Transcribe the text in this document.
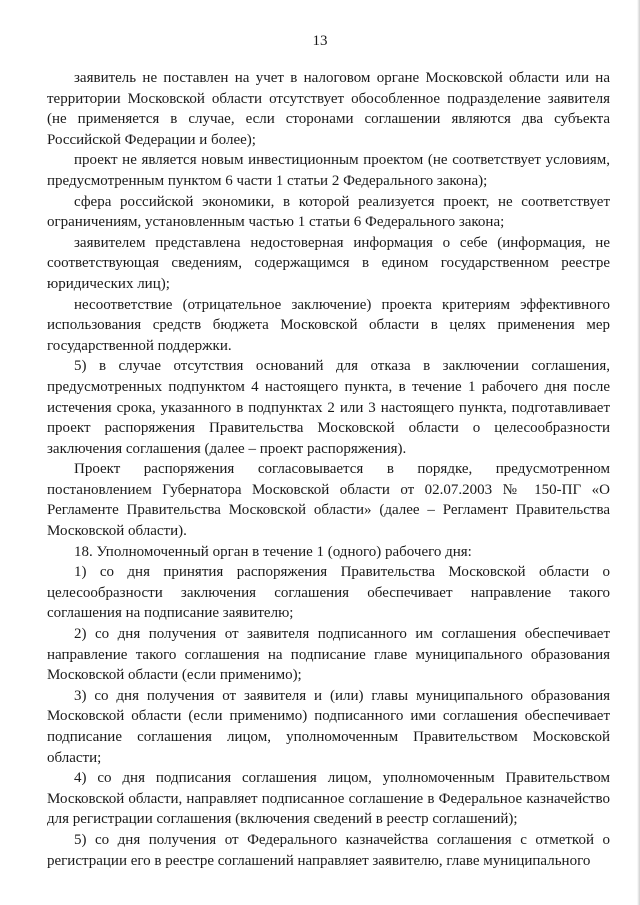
13

заявитель не поставлен на учет в налоговом органе Московской области или на территории Московской области отсутствует обособленное подразделение заявителя (не применяется в случае, если сторонами соглашении являются два субъекта Российской Федерации и более);

проект не является новым инвестиционным проектом (не соответствует условиям, предусмотренным пунктом 6 части 1 статьи 2 Федерального закона);

сфера российской экономики, в которой реализуется проект, не соответствует ограничениям, установленным частью 1 статьи 6 Федерального закона;

заявителем представлена недостоверная информация о себе (информация, не соответствующая сведениям, содержащимся в едином государственном реестре юридических лиц);

несоответствие (отрицательное заключение) проекта критериям эффективного использования средств бюджета Московской области в целях применения мер государственной поддержки.

5) в случае отсутствия оснований для отказа в заключении соглашения, предусмотренных подпунктом 4 настоящего пункта, в течение 1 рабочего дня после истечения срока, указанного в подпунктах 2 или 3 настоящего пункта, подготавливает проект распоряжения Правительства Московской области о целесообразности заключения соглашения (далее – проект распоряжения).

Проект распоряжения согласовывается в порядке, предусмотренном постановлением Губернатора Московской области от 02.07.2003 № 150-ПГ «О Регламенте Правительства Московской области» (далее – Регламент Правительства Московской области).

18. Уполномоченный орган в течение 1 (одного) рабочего дня:

1) со дня принятия распоряжения Правительства Московской области о целесообразности заключения соглашения обеспечивает направление такого соглашения на подписание заявителю;

2) со дня получения от заявителя подписанного им соглашения обеспечивает направление такого соглашения на подписание главе муниципального образования Московской области (если применимо);

3) со дня получения от заявителя и (или) главы муниципального образования Московской области (если применимо) подписанного ими соглашения обеспечивает подписание соглашения лицом, уполномоченным Правительством Московской области;

4) со дня подписания соглашения лицом, уполномоченным Правительством Московской области, направляет подписанное соглашение в Федеральное казначейство для регистрации соглашения (включения сведений в реестр соглашений);

5) со дня получения от Федерального казначейства соглашения с отметкой о регистрации его в реестре соглашений направляет заявителю, главе муниципального
